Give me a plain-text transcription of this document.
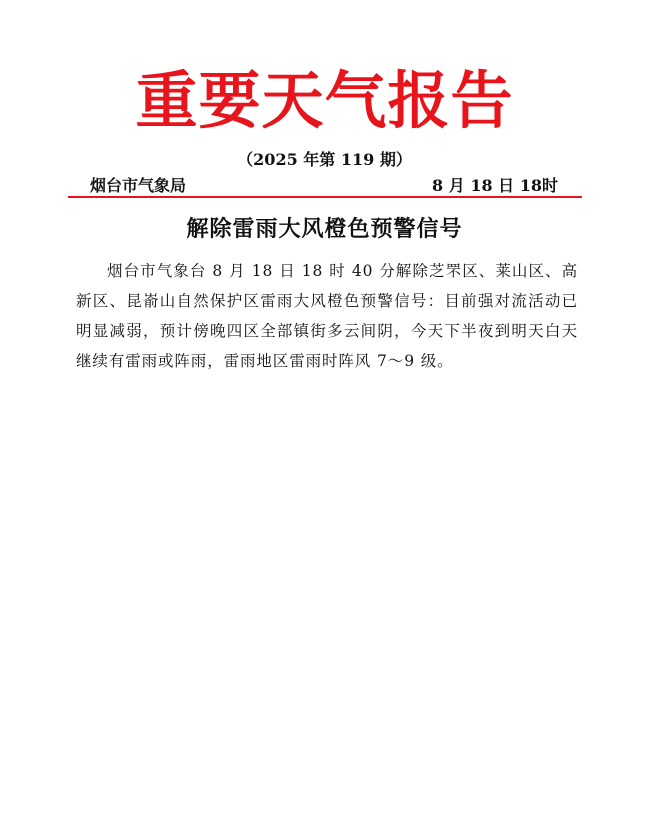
重要天气报告
（2025 年第 119 期）
烟台市气象局	8 月 18 日 18时
解除雷雨大风橙色预警信号

烟台市气象台 8 月 18 日 18 时 40 分解除芝罘区、莱山区、高新区、昆嵛山自然保护区雷雨大风橙色预警信号：目前强对流活动已明显减弱，预计傍晚四区全部镇街多云间阴，今天下半夜到明天白天继续有雷雨或阵雨，雷雨地区雷雨时阵风 7～9 级。
